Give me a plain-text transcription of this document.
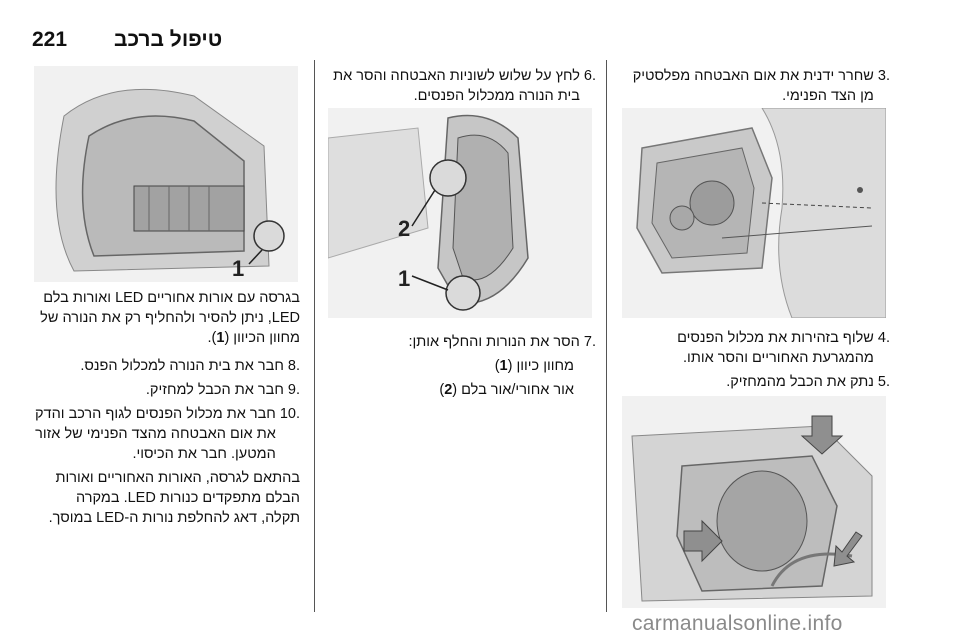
221 טיפול ברכב
.3
שחרר ידנית את אום האבטחה מפלסטיק מן הצד הפנימי.
.4
שלוף בזהירות את מכלול הפנסים מהמגרעת האחוריים והסר אותו.
.5
נתק את הכבל מהמחזיק.
.6
לחץ על שלוש לשוניות האבטחה והסר את בית הנורה ממכלול הפנסים.
2
1
.7
הסר את הנורות והחלף אותן:
מחוון כיוון (1)
אור אחורי/אור בלם (2)
1
בגרסה עם אורות אחוריים LED ואורות בלם LED, ניתן להסיר ולהחליף רק את הנורה של מחוון הכיוון (1).
.8
חבר את בית הנורה למכלול הפנס.
.9
חבר את הכבל למחזיק.
.10
חבר את מכלול הפנסים לגוף הרכב והדק את אום האבטחה מהצד הפנימי של אזור המטען. חבר את הכיסוי.
בהתאם לגרסה, האורות האחוריים ואורות הבלם מתפקדים כנורות LED. במקרה תקלה, דאג להחלפת נורות ה-LED במוסך.
carmanualsonline.info
